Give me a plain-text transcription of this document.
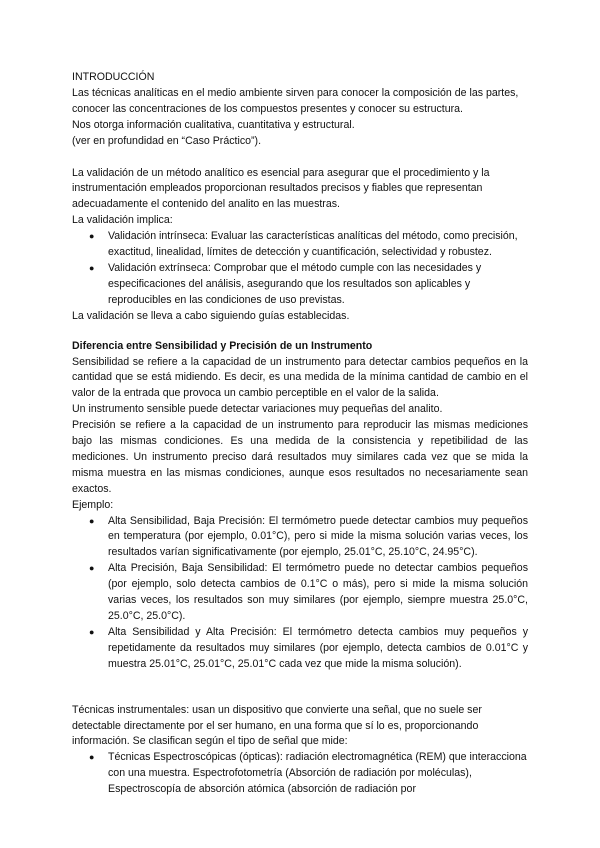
INTRODUCCIÓN

Las técnicas analíticas en el medio ambiente sirven para conocer la composición de las partes, conocer las concentraciones de los compuestos presentes y conocer su estructura.

Nos otorga información cualitativa, cuantitativa y estructural.

(ver en profundidad en “Caso Práctico”).

La validación de un método analítico es esencial para asegurar que el procedimiento y la instrumentación empleados proporcionan resultados precisos y fiables que representan adecuadamente el contenido del analito en las muestras.

La validación implica:

● Validación intrínseca: Evaluar las características analíticas del método, como precisión, exactitud, linealidad, límites de detección y cuantificación, selectividad y robustez.
● Validación extrínseca: Comprobar que el método cumple con las necesidades y especificaciones del análisis, asegurando que los resultados son aplicables y reproducibles en las condiciones de uso previstas.

La validación se lleva a cabo siguiendo guías establecidas.

Diferencia entre Sensibilidad y Precisión de un Instrumento

Sensibilidad se refiere a la capacidad de un instrumento para detectar cambios pequeños en la cantidad que se está midiendo. Es decir, es una medida de la mínima cantidad de cambio en el valor de la entrada que provoca un cambio perceptible en el valor de la salida.

Un instrumento sensible puede detectar variaciones muy pequeñas del analito.

Precisión se refiere a la capacidad de un instrumento para reproducir las mismas mediciones bajo las mismas condiciones. Es una medida de la consistencia y repetibilidad de las mediciones. Un instrumento preciso dará resultados muy similares cada vez que se mida la misma muestra en las mismas condiciones, aunque esos resultados no necesariamente sean exactos.

Ejemplo:

● Alta Sensibilidad, Baja Precisión: El termómetro puede detectar cambios muy pequeños en temperatura (por ejemplo, 0.01°C), pero si mide la misma solución varias veces, los resultados varían significativamente (por ejemplo, 25.01°C, 25.10°C, 24.95°C).
● Alta Precisión, Baja Sensibilidad: El termómetro puede no detectar cambios pequeños (por ejemplo, solo detecta cambios de 0.1°C o más), pero si mide la misma solución varias veces, los resultados son muy similares (por ejemplo, siempre muestra 25.0°C, 25.0°C, 25.0°C).
● Alta Sensibilidad y Alta Precisión: El termómetro detecta cambios muy pequeños y repetidamente da resultados muy similares (por ejemplo, detecta cambios de 0.01°C y muestra 25.01°C, 25.01°C, 25.01°C cada vez que mide la misma solución).

Técnicas instrumentales: usan un dispositivo que convierte una señal, que no suele ser detectable directamente por el ser humano, en una forma que sí lo es, proporcionando información. Se clasifican según el tipo de señal que mide:

● Técnicas Espectroscópicas (ópticas): radiación electromagnética (REM) que interacciona con una muestra. Espectrofotometría (Absorción de radiación por moléculas), Espectroscopía de absorción atómica (absorción de radiación por
